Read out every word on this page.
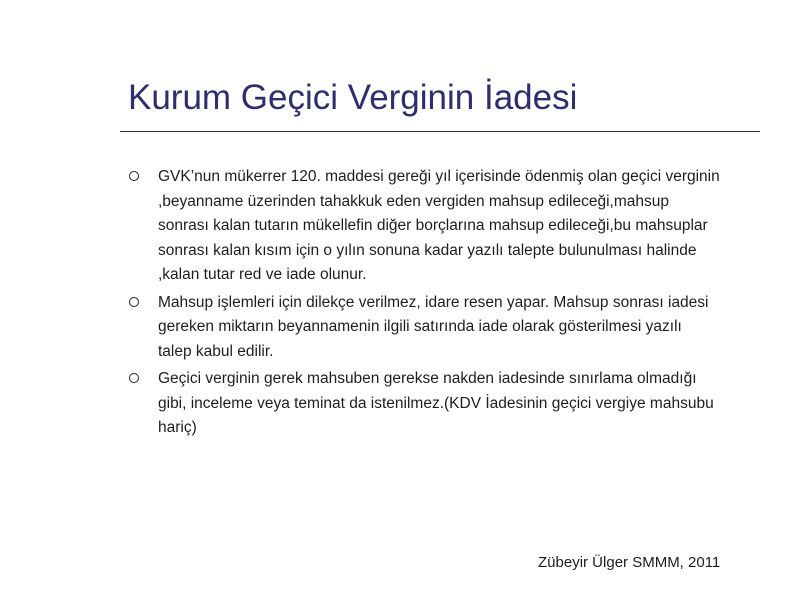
Kurum Geçici Verginin İadesi
GVK’nun mükerrer 120. maddesi gereği yıl içerisinde ödenmiş olan geçici verginin
,beyanname üzerinden tahakkuk eden vergiden mahsup edileceği,mahsup
sonrası kalan tutarın mükellefin diğer borçlarına mahsup edileceği,bu mahsuplar
sonrası kalan kısım için o yılın sonuna kadar yazılı talepte bulunulması halinde
,kalan tutar red ve iade olunur.
Mahsup işlemleri için dilekçe verilmez, idare resen yapar. Mahsup sonrası iadesi
gereken miktarın beyannamenin ilgili satırında iade olarak gösterilmesi yazılı
talep kabul edilir.
Geçici verginin gerek mahsuben gerekse nakden iadesinde sınırlama olmadığı
gibi, inceleme veya teminat da istenilmez.(KDV İadesinin geçici vergiye mahsubu
hariç)
Zübeyir Ülger SMMM, 2011
